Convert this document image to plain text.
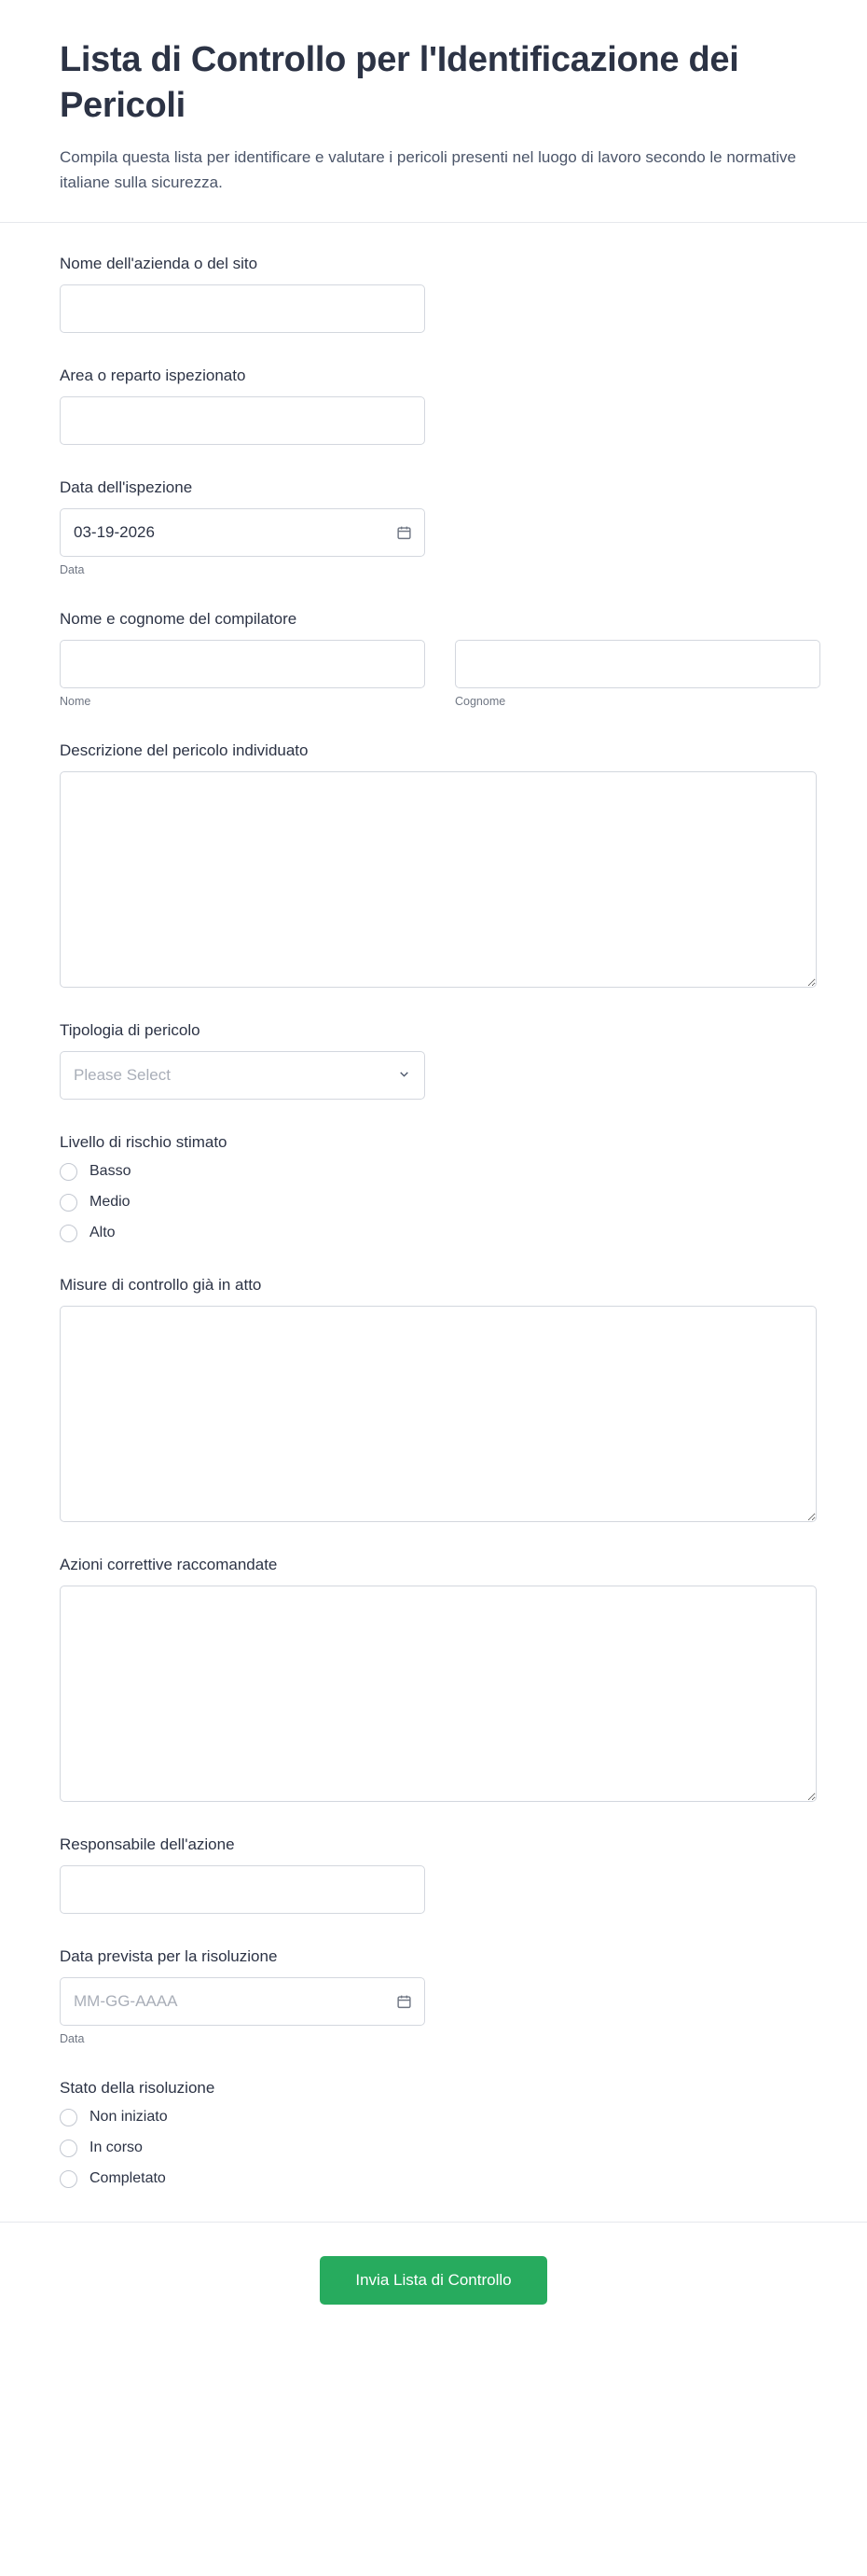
Lista di Controllo per l'Identificazione dei Pericoli

Compila questa lista per identificare e valutare i pericoli presenti nel luogo di lavoro secondo le normative italiane sulla sicurezza.

Nome dell'azienda o del sito
Area o reparto ispezionato
Data dell'ispezione
03-19-2026
Data
Nome e cognome del compilatore
Nome	Cognome
Descrizione del pericolo individuato
Tipologia di pericolo
Please Select
Livello di rischio stimato
Basso
Medio
Alto
Misure di controllo già in atto
Azioni correttive raccomandate
Responsabile dell'azione
Data prevista per la risoluzione
MM-GG-AAAA
Data
Stato della risoluzione
Non iniziato
In corso
Completato
Invia Lista di Controllo
